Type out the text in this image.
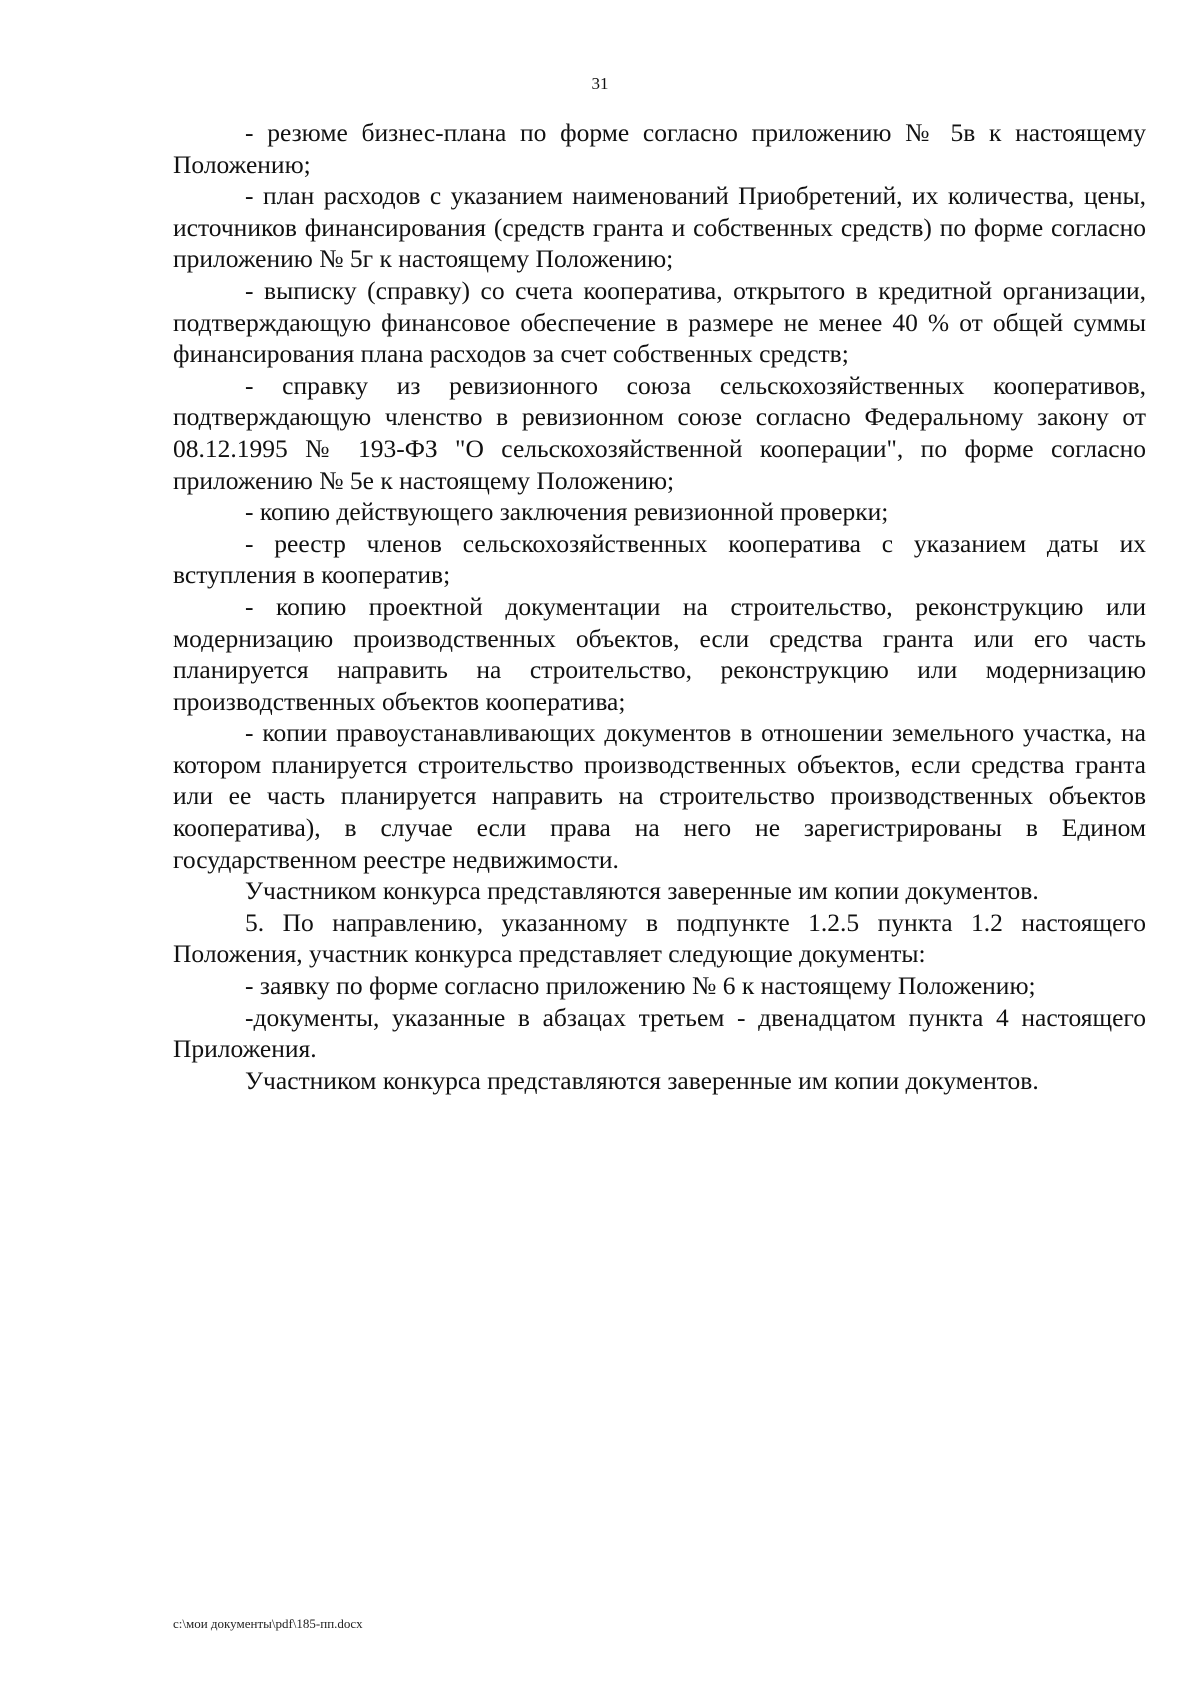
31

- резюме бизнес-плана по форме согласно приложению № 5в к настоящему Положению;

- план расходов с указанием наименований Приобретений, их количества, цены, источников финансирования (средств гранта и собственных средств) по форме согласно приложению № 5г к настоящему Положению;

- выписку (справку) со счета кооператива, открытого в кредитной организации, подтверждающую финансовое обеспечение в размере не менее 40 % от общей суммы финансирования плана расходов за счет собственных средств;

- справку из ревизионного союза сельскохозяйственных кооперативов, подтверждающую членство в ревизионном союзе согласно Федеральному закону от 08.12.1995 № 193-ФЗ "О сельскохозяйственной кооперации", по форме согласно приложению № 5е к настоящему Положению;

- копию действующего заключения ревизионной проверки;

- реестр членов сельскохозяйственных кооператива с указанием даты их вступления в кооператив;

- копию проектной документации на строительство, реконструкцию или модернизацию производственных объектов, если средства гранта или его часть планируется направить на строительство, реконструкцию или модернизацию производственных объектов кооператива;

- копии правоустанавливающих документов в отношении земельного участка, на котором планируется строительство производственных объектов, если средства гранта или ее часть планируется направить на строительство производственных объектов кооператива), в случае если права на него не зарегистрированы в Едином государственном реестре недвижимости.

Участником конкурса представляются заверенные им копии документов.

5. По направлению, указанному в подпункте 1.2.5 пункта 1.2 настоящего Положения, участник конкурса представляет следующие документы:

- заявку по форме согласно приложению № 6 к настоящему Положению;

-документы, указанные в абзацах третьем - двенадцатом пункта 4 настоящего Приложения.

Участником конкурса представляются заверенные им копии документов.

c:\мои документы\pdf\185-пп.docx
